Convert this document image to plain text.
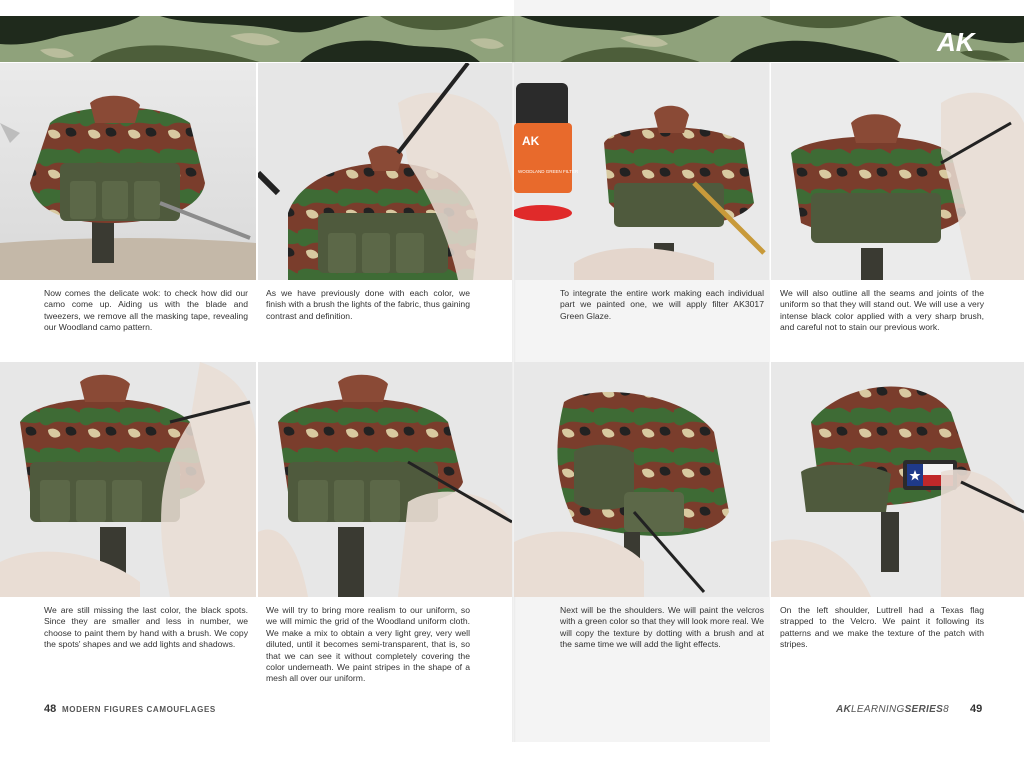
AK
AK
WOODLAND GREEN FILTER
Now comes the delicate wok: to check how did our camo come up. Aiding us with the blade and tweezers, we remove all the masking tape, revealing our Woodland camo pattern.
As we have previously done with each color, we finish with a brush the lights of the fabric, thus gaining contrast and definition.
To integrate the entire work making each individual part we painted one, we will apply filter AK3017 Green Glaze.
We will also outline all the seams and joints of the uniform so that they will stand out. We will use a very intense black color applied with a very sharp brush, and careful not to stain our previous work.
We are still missing the last color, the black spots. Since they are smaller and less in number, we choose to paint them by hand with a brush. We copy the spots' shapes and we add lights and shadows.
We will try to bring more realism to our uniform, so we will mimic the grid of the Woodland uniform cloth. We make a mix to obtain a very light grey, very well diluted, until it becomes semi-transparent, that is, so that we can see it without completely covering the color underneath. We paint stripes in the shape of a mesh all over our uniform.
Next will be the shoulders. We will paint the velcros with a green color so that they will look more real. We will copy the texture by dotting with a brush and at the same time we will add the light effects.
On the left shoulder, Luttrell had a Texas flag strapped to the Velcro. We paint it following its patterns and we make the texture of the patch with stripes.
48 MODERN FIGURES CAMOUFLAGES	AKLEARNINGSERIES8 49
